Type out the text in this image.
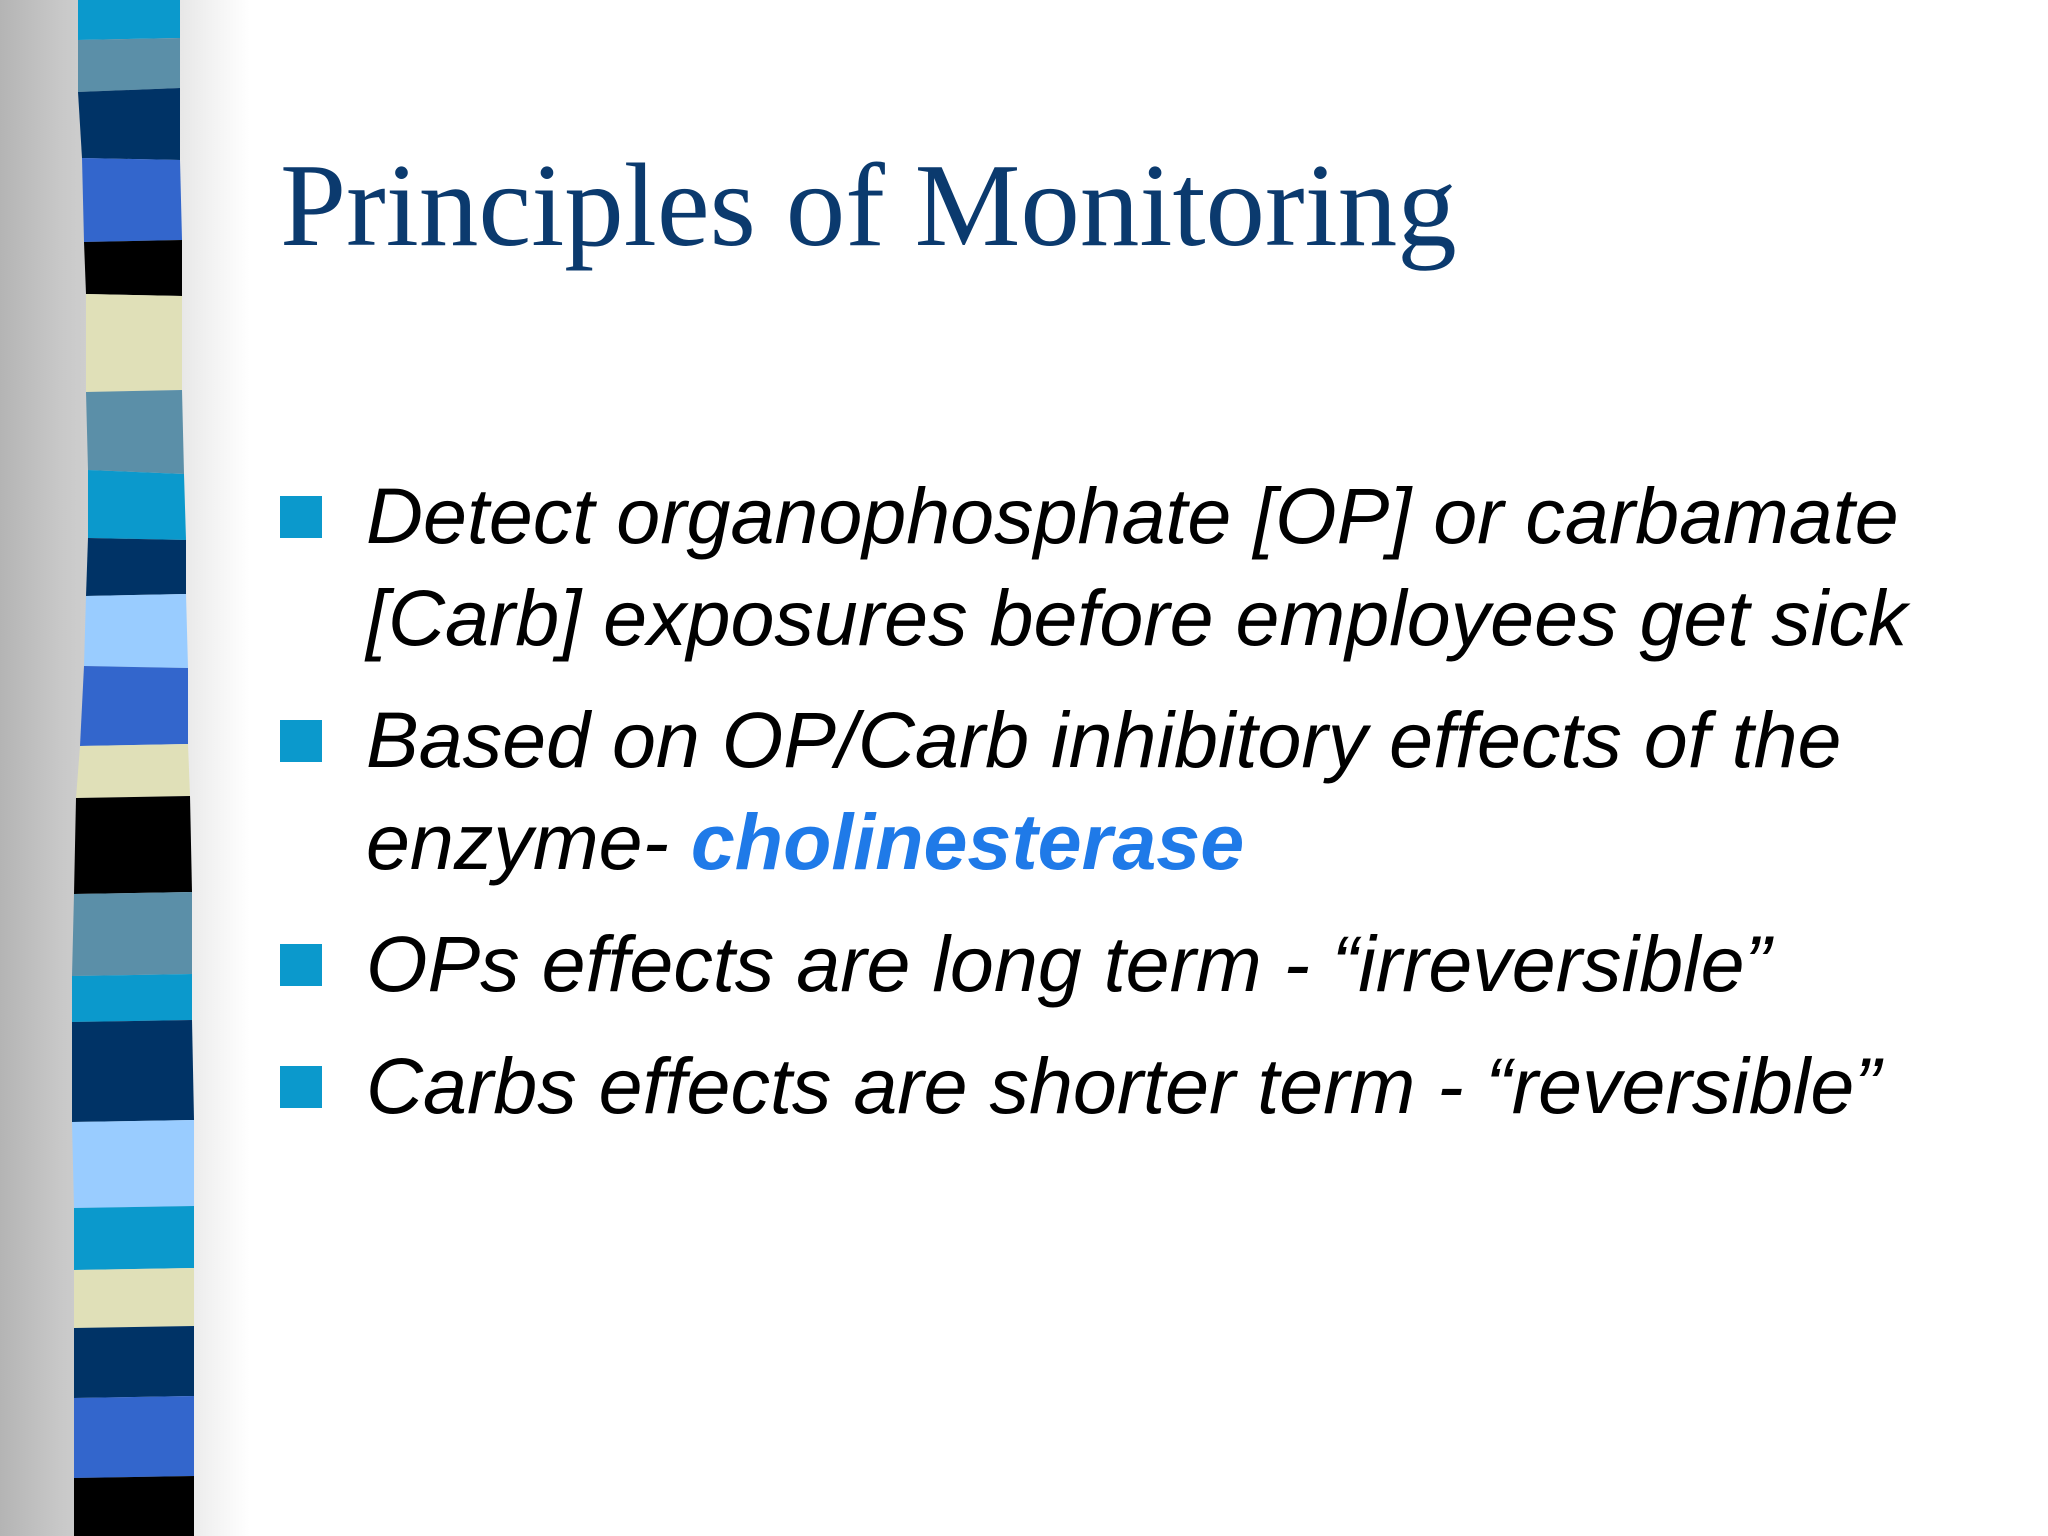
Principles of Monitoring
Detect organophosphate [OP] or carbamate [Carb] exposures before employees get sick
Based on OP/Carb inhibitory effects of the enzyme- cholinesterase
OPs effects are long term - “irreversible”
Carbs effects are shorter term - “reversible”
